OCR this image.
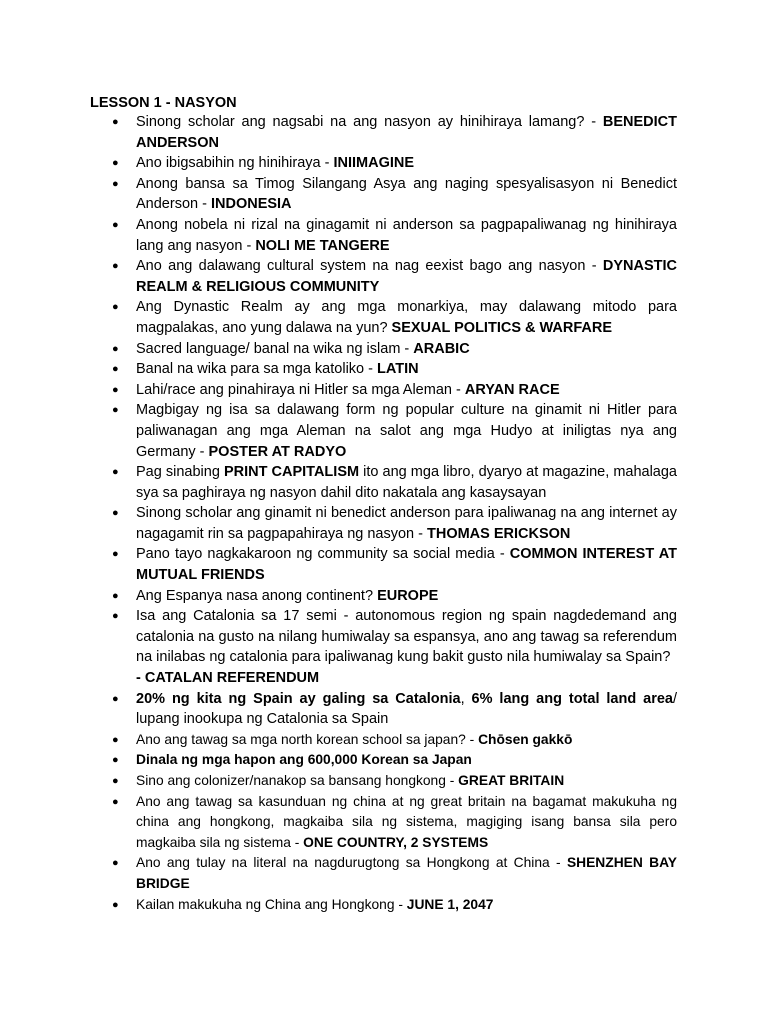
LESSON 1 - NASYON
● Sinong scholar ang nagsabi na ang nasyon ay hinihiraya lamang? - BENEDICT ANDERSON
● Ano ibigsabihin ng hinihiraya - INIIMAGINE
● Anong bansa sa Timog Silangang Asya ang naging spesyalisasyon ni Benedict Anderson - INDONESIA
● Anong nobela ni rizal na ginagamit ni anderson sa pagpapaliwanag ng hinihiraya lang ang nasyon - NOLI ME TANGERE
● Ano ang dalawang cultural system na nag eexist bago ang nasyon - DYNASTIC REALM & RELIGIOUS COMMUNITY
● Ang Dynastic Realm ay ang mga monarkiya, may dalawang mitodo para magpalakas, ano yung dalawa na yun? SEXUAL POLITICS & WARFARE
● Sacred language/ banal na wika ng islam - ARABIC
● Banal na wika para sa mga katoliko - LATIN
● Lahi/race ang pinahiraya ni Hitler sa mga Aleman - ARYAN RACE
● Magbigay ng isa sa dalawang form ng popular culture na ginamit ni Hitler para paliwanagan ang mga Aleman na salot ang mga Hudyo at iniligtas nya ang Germany - POSTER AT RADYO
● Pag sinabing PRINT CAPITALISM ito ang mga libro, dyaryo at magazine, mahalaga sya sa paghiraya ng nasyon dahil dito nakatala ang kasaysayan
● Sinong scholar ang ginamit ni benedict anderson para ipaliwanag na ang internet ay nagagamit rin sa pagpapahiraya ng nasyon - THOMAS ERICKSON
● Pano tayo nagkakaroon ng community sa social media - COMMON INTEREST AT MUTUAL FRIENDS
● Ang Espanya nasa anong continent? EUROPE
● Isa ang Catalonia sa 17 semi - autonomous region ng spain nagdedemand ang catalonia na gusto na nilang humiwalay sa espansya, ano ang tawag sa referendum na inilabas ng catalonia para ipaliwanag kung bakit gusto nila humiwalay sa Spain?
- CATALAN REFERENDUM
● 20% ng kita ng Spain ay galing sa Catalonia, 6% lang ang total land area/ lupang inookupa ng Catalonia sa Spain
● Ano ang tawag sa mga north korean school sa japan? - Chōsen gakkō
● Dinala ng mga hapon ang 600,000 Korean sa Japan
● Sino ang colonizer/nanakop sa bansang hongkong - GREAT BRITAIN
● Ano ang tawag sa kasunduan ng china at ng great britain na bagamat makukuha ng china ang hongkong, magkaiba sila ng sistema, magiging isang bansa sila pero magkaiba sila ng sistema - ONE COUNTRY, 2 SYSTEMS
● Ano ang tulay na literal na nagdurugtong sa Hongkong at China - SHENZHEN BAY BRIDGE
● Kailan makukuha ng China ang Hongkong - JUNE 1, 2047
